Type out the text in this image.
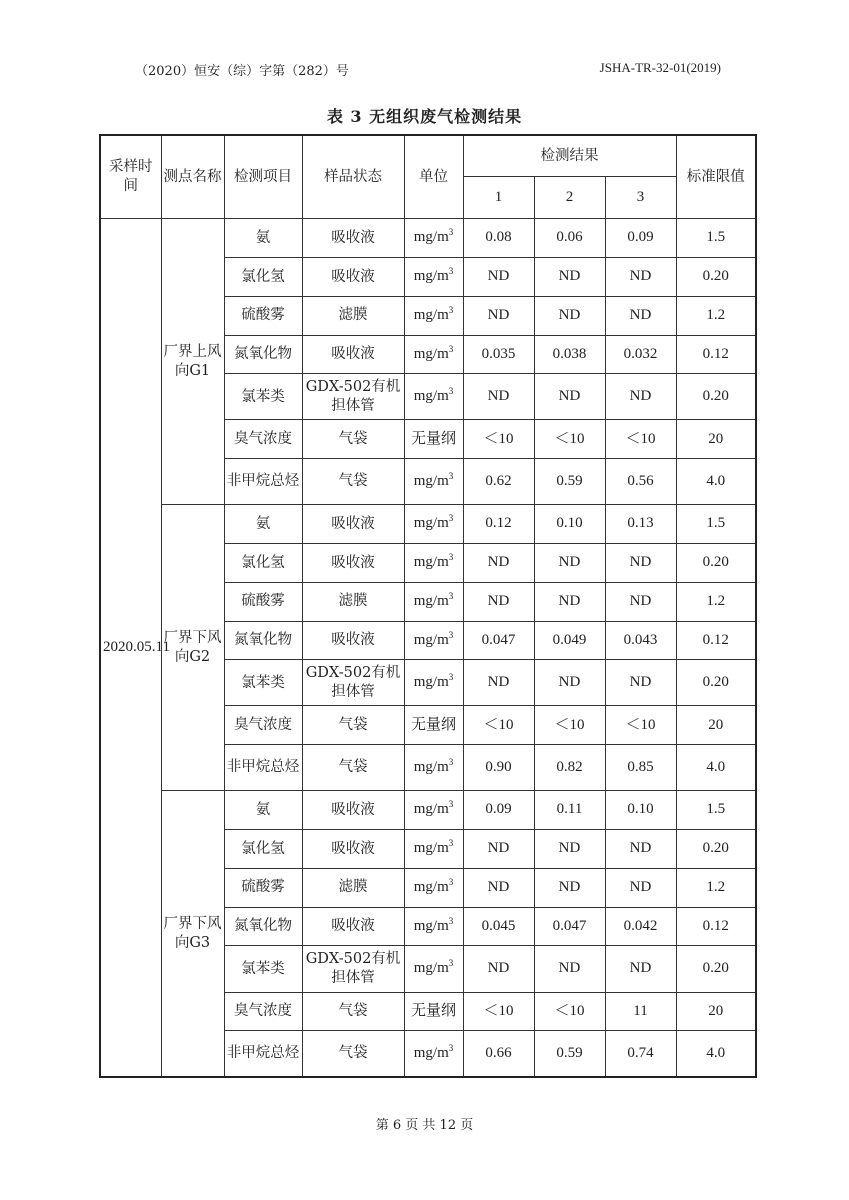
（2020）恒安（综）字第（282）号	JSHA-TR-32-01(2019)
表 3 无组织废气检测结果
采样时间	测点名称	检测项目	样品状态	单位	检测结果			标准限值
					1	2	3	
2020.05.11	厂界上风向G1	氨	吸收液	$mg/m^3$	0.08	0.06	0.09	1.5
		氯化氢	吸收液	$mg/m^3$	ND	ND	ND	0.20
		硫酸雾	滤膜	$mg/m^3$	ND	ND	ND	1.2
		氮氧化物	吸收液	$mg/m^3$	0.035	0.038	0.032	0.12
		氯苯类	GDX-502有机担体管	$mg/m^3$	ND	ND	ND	0.20
		臭气浓度	气袋	无量纲	＜10	＜10	＜10	20
		非甲烷总烃	气袋	$mg/m^3$	0.62	0.59	0.56	4.0
	厂界下风向G2	氨	吸收液	$mg/m^3$	0.12	0.10	0.13	1.5
		氯化氢	吸收液	$mg/m^3$	ND	ND	ND	0.20
		硫酸雾	滤膜	$mg/m^3$	ND	ND	ND	1.2
		氮氧化物	吸收液	$mg/m^3$	0.047	0.049	0.043	0.12
		氯苯类	GDX-502有机担体管	$mg/m^3$	ND	ND	ND	0.20
		臭气浓度	气袋	无量纲	＜10	＜10	＜10	20
		非甲烷总烃	气袋	$mg/m^3$	0.90	0.82	0.85	4.0
	厂界下风向G3	氨	吸收液	$mg/m^3$	0.09	0.11	0.10	1.5
		氯化氢	吸收液	$mg/m^3$	ND	ND	ND	0.20
		硫酸雾	滤膜	$mg/m^3$	ND	ND	ND	1.2
		氮氧化物	吸收液	$mg/m^3$	0.045	0.047	0.042	0.12
		氯苯类	GDX-502有机担体管	$mg/m^3$	ND	ND	ND	0.20
		臭气浓度	气袋	无量纲	＜10	＜10	11	20
		非甲烷总烃	气袋	$mg/m^3$	0.66	0.59	0.74	4.0
第 6 页 共 12 页
